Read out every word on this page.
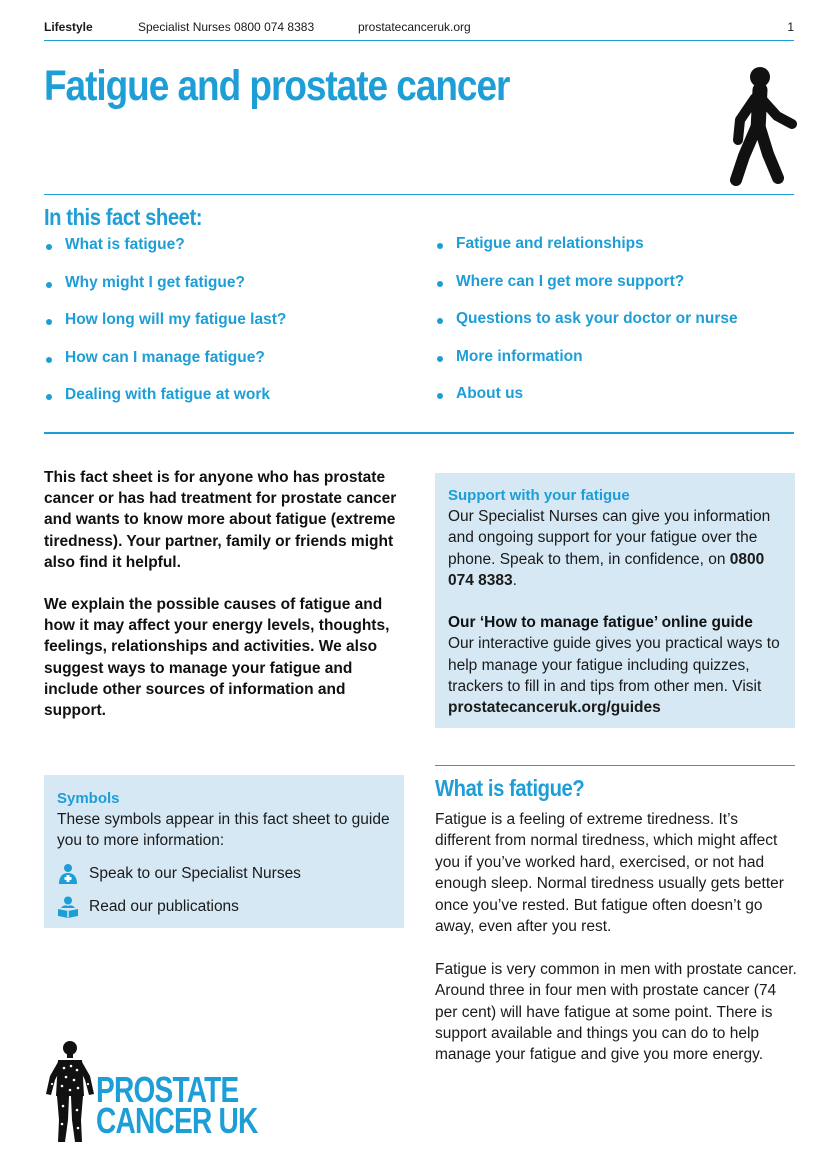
Lifestyle	Specialist Nurses 0800 074 8383	prostatecanceruk.org	1
Fatigue and prostate cancer
In this fact sheet:
What is fatigue?
Why might I get fatigue?
How long will my fatigue last?
How can I manage fatigue?
Dealing with fatigue at work
Fatigue and relationships
Where can I get more support?
Questions to ask your doctor or nurse
More information
About us

This fact sheet is for anyone who has prostate cancer or has had treatment for prostate cancer and wants to know more about fatigue (extreme tiredness). Your partner, family or friends might also find it helpful.

We explain the possible causes of fatigue and how it may affect your energy levels, thoughts, feelings, relationships and activities. We also suggest ways to manage your fatigue and include other sources of information and support.

Support with your fatigue
Our Specialist Nurses can give you information and ongoing support for your fatigue over the phone. Speak to them, in confidence, on 0800 074 8383.
Our ‘How to manage fatigue’ online guide
Our interactive guide gives you practical ways to help manage your fatigue including quizzes, trackers to fill in and tips from other men. Visit prostatecanceruk.org/guides
Symbols
These symbols appear in this fact sheet to guide you to more information:
Speak to our Specialist Nurses
Read our publications
What is fatigue?

Fatigue is a feeling of extreme tiredness. It’s different from normal tiredness, which might affect you if you’ve worked hard, exercised, or not had enough sleep. Normal tiredness usually gets better once you’ve rested. But fatigue often doesn’t go away, even after you rest.

Fatigue is very common in men with prostate cancer. Around three in four men with prostate cancer (74 per cent) will have fatigue at some point. There is support available and things you can do to help manage your fatigue and give you more energy.

PROSTATE
CANCER UK
